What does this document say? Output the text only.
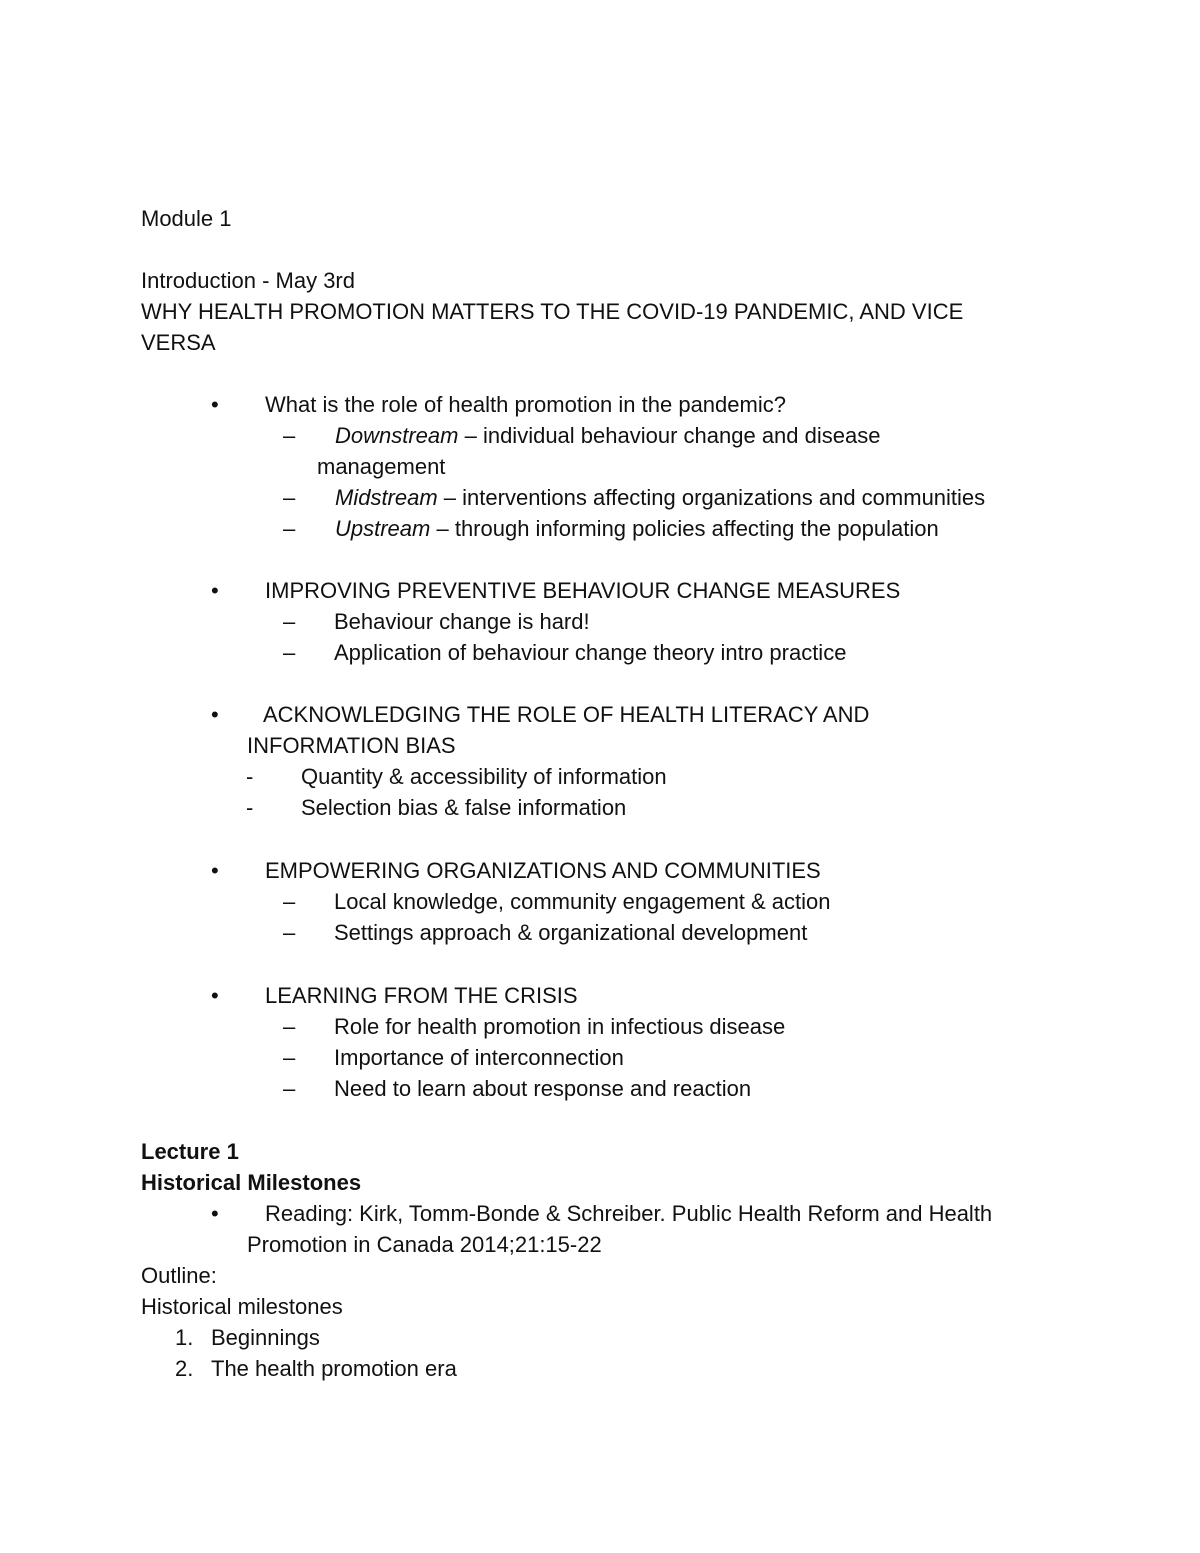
Module 1
Introduction - May 3rd
WHY HEALTH PROMOTION MATTERS TO THE COVID-19 PANDEMIC, AND VICE
VERSA
• What is the role of health promotion in the pandemic?
– Downstream – individual behaviour change and disease
management
– Midstream – interventions affecting organizations and communities
– Upstream – through informing policies affecting the population
• IMPROVING PREVENTIVE BEHAVIOUR CHANGE MEASURES
– Behaviour change is hard!
– Application of behaviour change theory intro practice
• ACKNOWLEDGING THE ROLE OF HEALTH LITERACY AND
INFORMATION BIAS
- Quantity & accessibility of information
- Selection bias & false information
• EMPOWERING ORGANIZATIONS AND COMMUNITIES
– Local knowledge, community engagement & action
– Settings approach & organizational development
• LEARNING FROM THE CRISIS
– Role for health promotion in infectious disease
– Importance of interconnection
– Need to learn about response and reaction
Lecture 1
Historical Milestones
• Reading: Kirk, Tomm-Bonde & Schreiber. Public Health Reform and Health
Promotion in Canada 2014;21:15-22
Outline:
Historical milestones
1. Beginnings
2. The health promotion era
